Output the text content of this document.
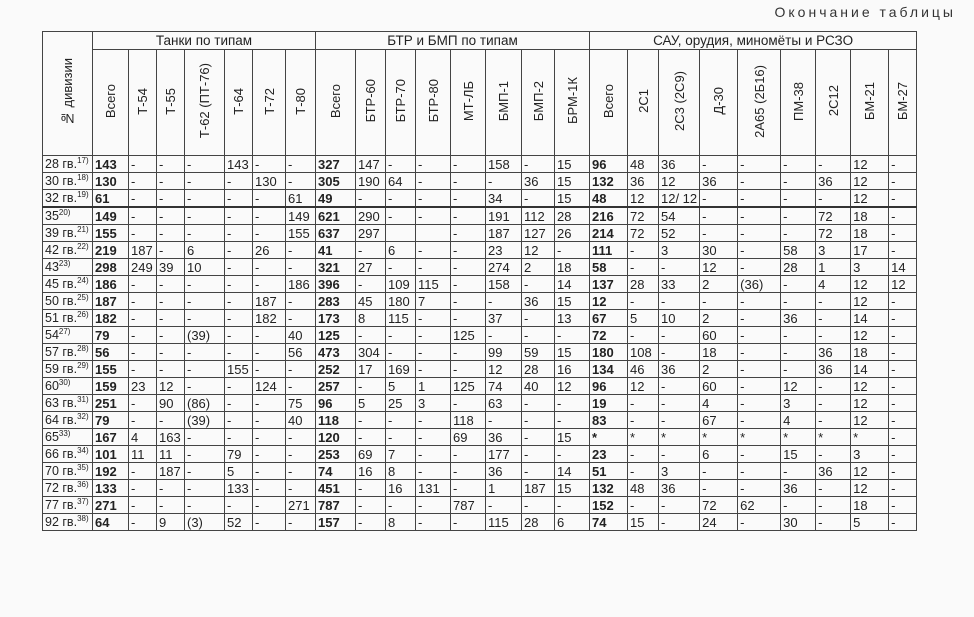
Окончание таблицы
№ дивизии	Танки по типам							БТР и БМП по типам								САУ, орудия, миномёты и РСЗО								
	Всего	Т-54	Т-55	Т-62 (ПТ-76)	Т-64	Т-72	Т-80	Всего	БТР-60	БТР-70	БТР-80	МТ-ЛБ	БМП-1	БМП-2	БРМ-1К	Всего	2С1	2С3 (2С9)	Д-30	2А65 (2Б16)	ПМ-38	2С12	БМ-21	БМ-27
28 гв.$^{17)}$	143	-	-	-	143	-	-	327	147	-	-	-	158	-	15	96	48	36	-	-	-	-	12	-
30 гв.$^{18)}$	130	-	-	-	-	130	-	305	190	64	-	-	-	36	15	132	36	12	36	-	-	36	12	-
32 гв.$^{19)}$	61	-	-	-	-	-	61	49	-	-	-	-	34	-	15	48	12	12/ 12	-	-	-	-	12	-
35$^{20)}$	149	-	-	-	-	-	149	621	290	-	-	-	191	112	28	216	72	54	-	-	-	72	18	-
39 гв.$^{21)}$	155	-	-	-	-	-	155	637	297			-	187	127	26	214	72	52	-	-	-	72	18	-
42 гв.$^{22)}$	219	187	-	6	-	26	-	41	-	6	-	-	23	12	-	111	-	3	30	-	58	3	17	-
43$^{23)}$	298	249	39	10	-	-	-	321	27	-	-	-	274	2	18	58	-	-	12	-	28	1	3	14
45 гв.$^{24)}$	186	-	-	-	-	-	186	396	-	109	115	-	158	-	14	137	28	33	2	(36)	-	4	12	12
50 гв.$^{25)}$	187	-	-	-	-	187	-	283	45	180	7	-	-	36	15	12	-	-	-	-	-	-	12	-
51 гв.$^{26)}$	182	-	-	-	-	182	-	173	8	115	-	-	37	-	13	67	5	10	2	-	36	-	14	-
54$^{27)}$	79	-	-	(39)	-	-	40	125	-	-	-	125	-	-	-	72	-	-	60	-	-	-	12	-
57 гв.$^{28)}$	56	-	-	-	-	-	56	473	304	-	-	-	99	59	15	180	108	-	18	-	-	36	18	-
59 гв.$^{29)}$	155	-	-	-	155	-	-	252	17	169	-	-	12	28	16	134	46	36	2	-	-	36	14	-
60$^{30)}$	159	23	12	-	-	124	-	257	-	5	1	125	74	40	12	96	12	-	60	-	12	-	12	-
63 гв.$^{31)}$	251	-	90	(86)	-	-	75	96	5	25	3	-	63	-	-	19	-	-	4	-	3	-	12	-
64 гв.$^{32)}$	79	-	-	(39)	-	-	40	118	-	-	-	118	-	-	-	83	-	-	67	-	4	-	12	-
65$^{33)}$	167	4	163	-	-	-	-	120	-	-	-	69	36	-	15	*	*	*	*	*	*	*	*	-
66 гв.$^{34)}$	101	11	11	-	79	-	-	253	69	7	-	-	177	-	-	23	-	-	6	-	15	-	3	-
70 гв.$^{35)}$	192	-	187	-	5	-	-	74	16	8	-	-	36	-	14	51	-	3	-	-	-	36	12	-
72 гв.$^{36)}$	133	-	-	-	133	-	-	451	-	16	131	-	1	187	15	132	48	36	-	-	36	-	12	-
77 гв.$^{37)}$	271	-	-	-	-	-	271	787	-	-	-	787	-	-	-	152	-	-	72	62	-	-	18	-
92 гв.$^{38)}$	64	-	9	(3)	52	-	-	157	-	8	-	-	115	28	6	74	15	-	24	-	30	-	5	-
